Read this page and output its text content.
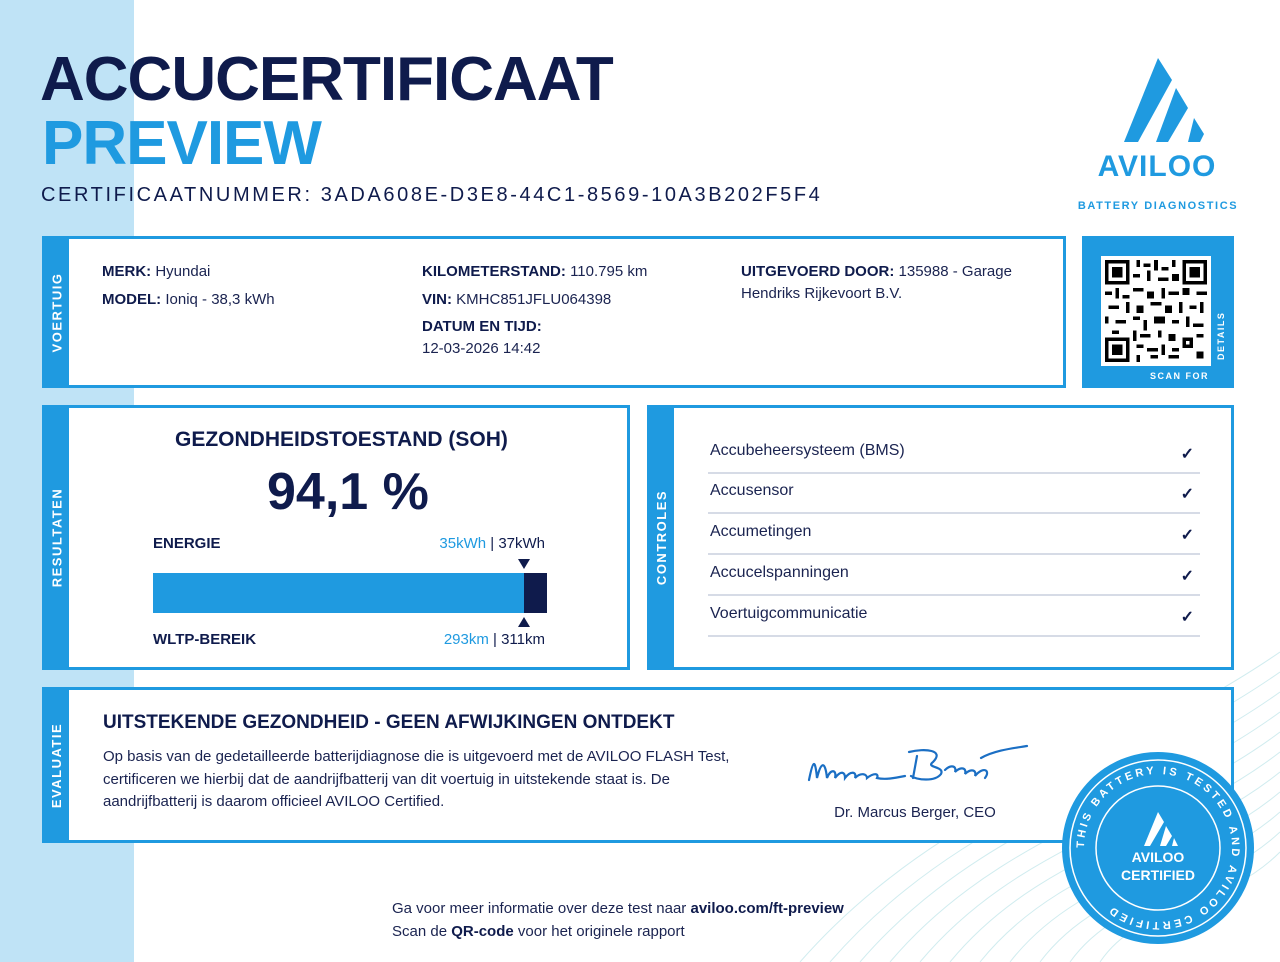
ACCUCERTIFICAAT
PREVIEW
CERTIFICAATNUMMER: 3ADA608E-D3E8-44C1-8569-10A3B202F5F4
AVILOO
BATTERY DIAGNOSTICS
VOERTUIG
MERK: Hyundai
MODEL: Ioniq - 38,3 kWh
KILOMETERSTAND: 110.795 km
VIN: KMHC851JFLU064398
DATUM EN TIJD:
12-03-2026 14:42
UITGEVOERD DOOR: 135988 - Garage
Hendriks Rijkevoort B.V.
SCAN FOR
DETAILS
RESULTATEN
GEZONDHEIDSTOESTAND (SOH)
94,1 %
ENERGIE	35kWh | 37kWh
WLTP-BEREIK	293km | 311km
CONTROLES
Accubeheersysteem (BMS)	✓
Accusensor	✓
Accumetingen	✓
Accucelspanningen	✓
Voertuigcommunicatie	✓
EVALUATIE UITSTEKENDE GEZONDHEID - GEEN AFWIJKINGEN ONTDEKT
Op basis van de gedetailleerde batterijdiagnose die is uitgevoerd met de AVILOO FLASH Test, certificeren we hierbij dat de aandrijfbatterij van dit voertuig in uitstekende staat is. De aandrijfbatterij is daarom officieel AVILOO Certified.
Dr. Marcus Berger, CEO
THIS BATTERY IS TESTED AND AVILOO CERTIFIED
AVILOO
CERTIFIED
Ga voor meer informatie over deze test naar aviloo.com/ft-preview
Scan de QR-code voor het originele rapport
